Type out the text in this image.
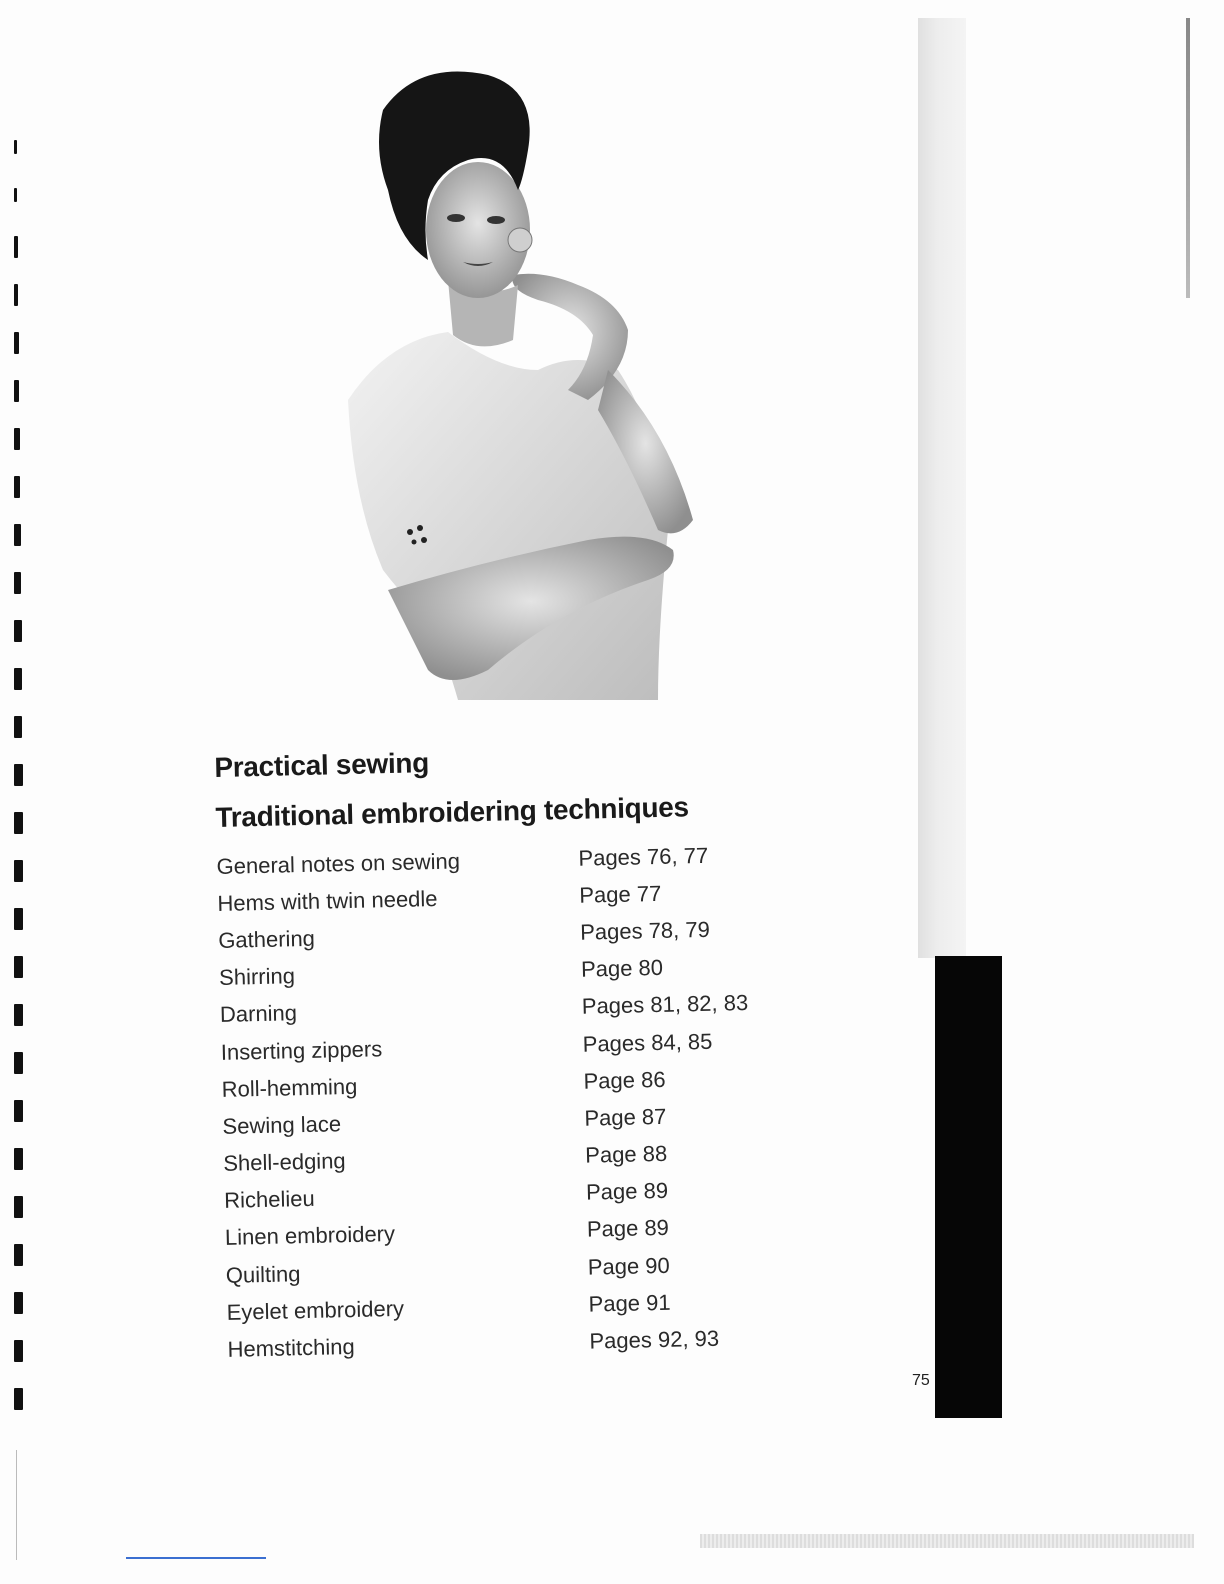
Practical sewing
Traditional embroidering techniques
General notes on sewing	Pages 76, 77
Hems with twin needle	Page 77
Gathering	Pages 78, 79
Shirring	Page 80
Darning	Pages 81, 82, 83
Inserting zippers	Pages 84, 85
Roll-hemming	Page 86
Sewing lace	Page 87
Shell-edging	Page 88
Richelieu	Page 89
Linen embroidery	Page 89
Quilting	Page 90
Eyelet embroidery	Page 91
Hemstitching	Pages 92, 93
75
